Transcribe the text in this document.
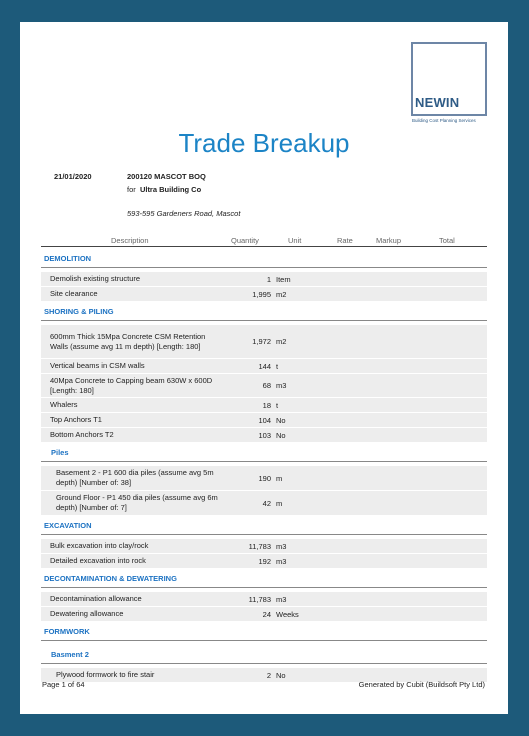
NEWIN
Building Cost Planning Services
Trade Breakup
21/01/2020	200120 MASCOT BOQ
for Ultra Building Co
593-595 Gardeners Road, Mascot
Description	Quantity	Unit	Rate	Markup	Total
DEMOLITION
Demolish existing structure	1 Item
Site clearance	1,995 m2
SHORING & PILING
600mm Thick 15Mpa Concrete CSM Retention Walls (assume avg 11 m depth) [Length: 180]	1,972 m2
Vertical beams in CSM walls	144 t
40Mpa Concrete to Capping beam 630W x 600D [Length: 180]	68 m3
Whalers	18 t
Top Anchors T1	104 No
Bottom Anchors T2	103 No
Piles
Basement 2 - P1 600 dia piles (assume avg 5m depth) [Number of: 38]	190 m
Ground Floor - P1 450 dia piles (assume avg 6m depth) [Number of: 7]	42 m
EXCAVATION
Bulk excavation into clay/rock	11,783 m3
Detailed excavation into rock	192 m3
DECONTAMINATION & DEWATERING
Decontamination allowance	11,783 m3
Dewatering allowance	24 Weeks
FORMWORK
Basment 2
Plywood formwork to fire stair	2 No
Page 1 of 64	Generated by Cubit (Buildsoft Pty Ltd)
